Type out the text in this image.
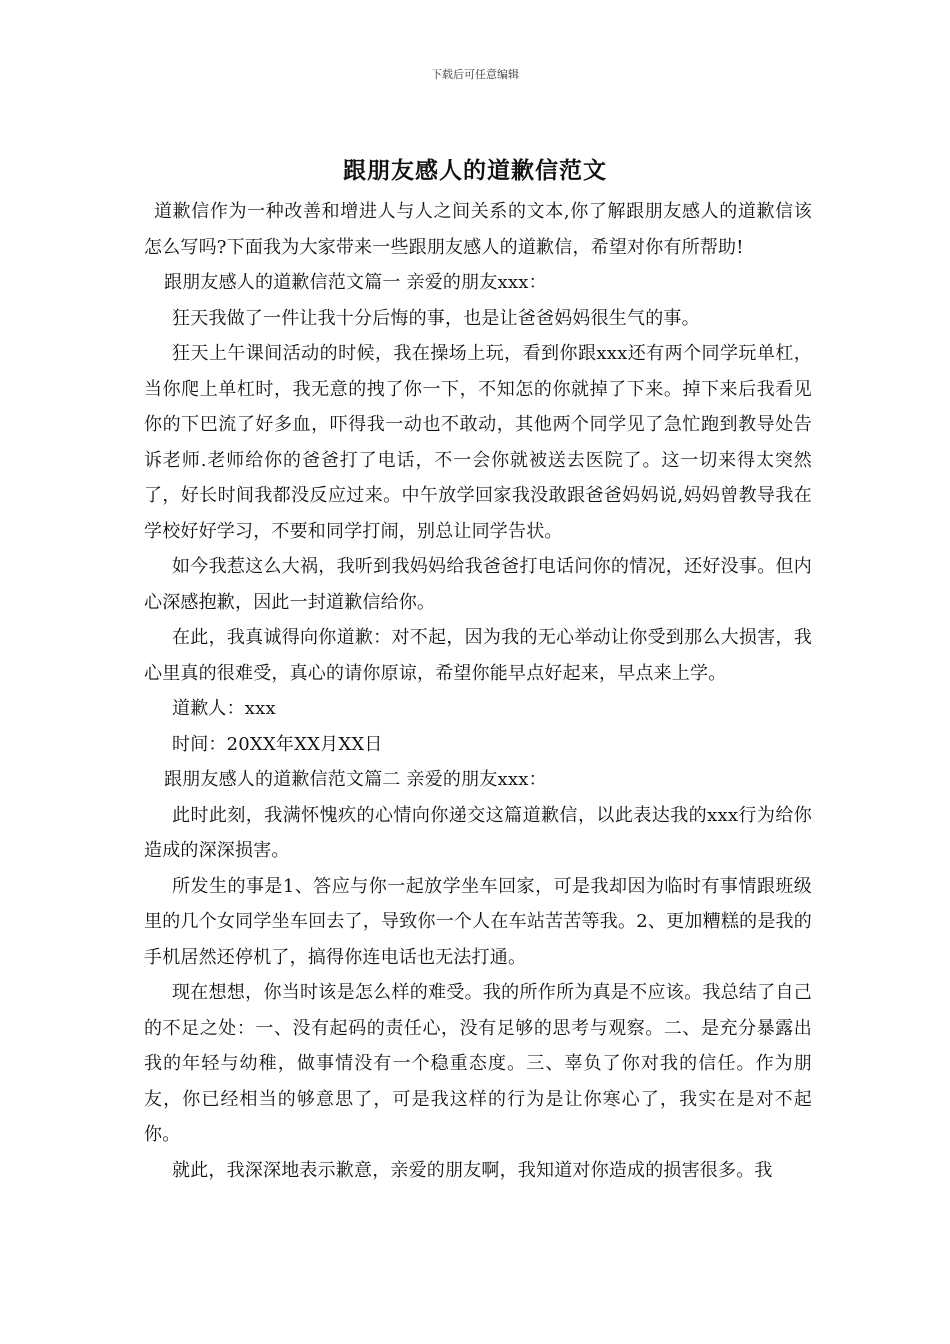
下载后可任意编辑
跟朋友感人的道歉信范文

道歉信作为一种改善和增进人与人之间关系的文本,你了解跟朋友感人的道歉信该怎么写吗?下面我为大家带来一些跟朋友感人的道歉信，希望对你有所帮助!

跟朋友感人的道歉信范文篇一 亲爱的朋友xxx：

狂天我做了一件让我十分后悔的事，也是让爸爸妈妈很生气的事。

狂天上午课间活动的时候，我在操场上玩，看到你跟xxx还有两个同学玩单杠，当你爬上单杠时，我无意的拽了你一下，不知怎的你就掉了下来。掉下来后我看见你的下巴流了好多血，吓得我一动也不敢动，其他两个同学见了急忙跑到教导处告诉老师.老师给你的爸爸打了电话，不一会你就被送去医院了。这一切来得太突然了，好长时间我都没反应过来。中午放学回家我没敢跟爸爸妈妈说,妈妈曾教导我在学校好好学习，不要和同学打闹，别总让同学告状。

如今我惹这么大祸，我听到我妈妈给我爸爸打电话问你的情况，还好没事。但内心深感抱歉，因此一封道歉信给你。

在此，我真诚得向你道歉：对不起，因为我的无心举动让你受到那么大损害，我心里真的很难受，真心的请你原谅，希望你能早点好起来，早点来上学。

道歉人：xxx

时间：20XX年XX月XX日

跟朋友感人的道歉信范文篇二 亲爱的朋友xxx：

此时此刻，我满怀愧疚的心情向你递交这篇道歉信，以此表达我的xxx行为给你造成的深深损害。

所发生的事是1、答应与你一起放学坐车回家，可是我却因为临时有事情跟班级里的几个女同学坐车回去了，导致你一个人在车站苦苦等我。2、更加糟糕的是我的手机居然还停机了，搞得你连电话也无法打通。

现在想想，你当时该是怎么样的难受。我的所作所为真是不应该。我总结了自己的不足之处：一、没有起码的责任心，没有足够的思考与观察。二、是充分暴露出我的年轻与幼稚，做事情没有一个稳重态度。三、辜负了你对我的信任。作为朋友，你已经相当的够意思了，可是我这样的行为是让你寒心了，我实在是对不起你。

就此，我深深地表示歉意，亲爱的朋友啊，我知道对你造成的损害很多。我
